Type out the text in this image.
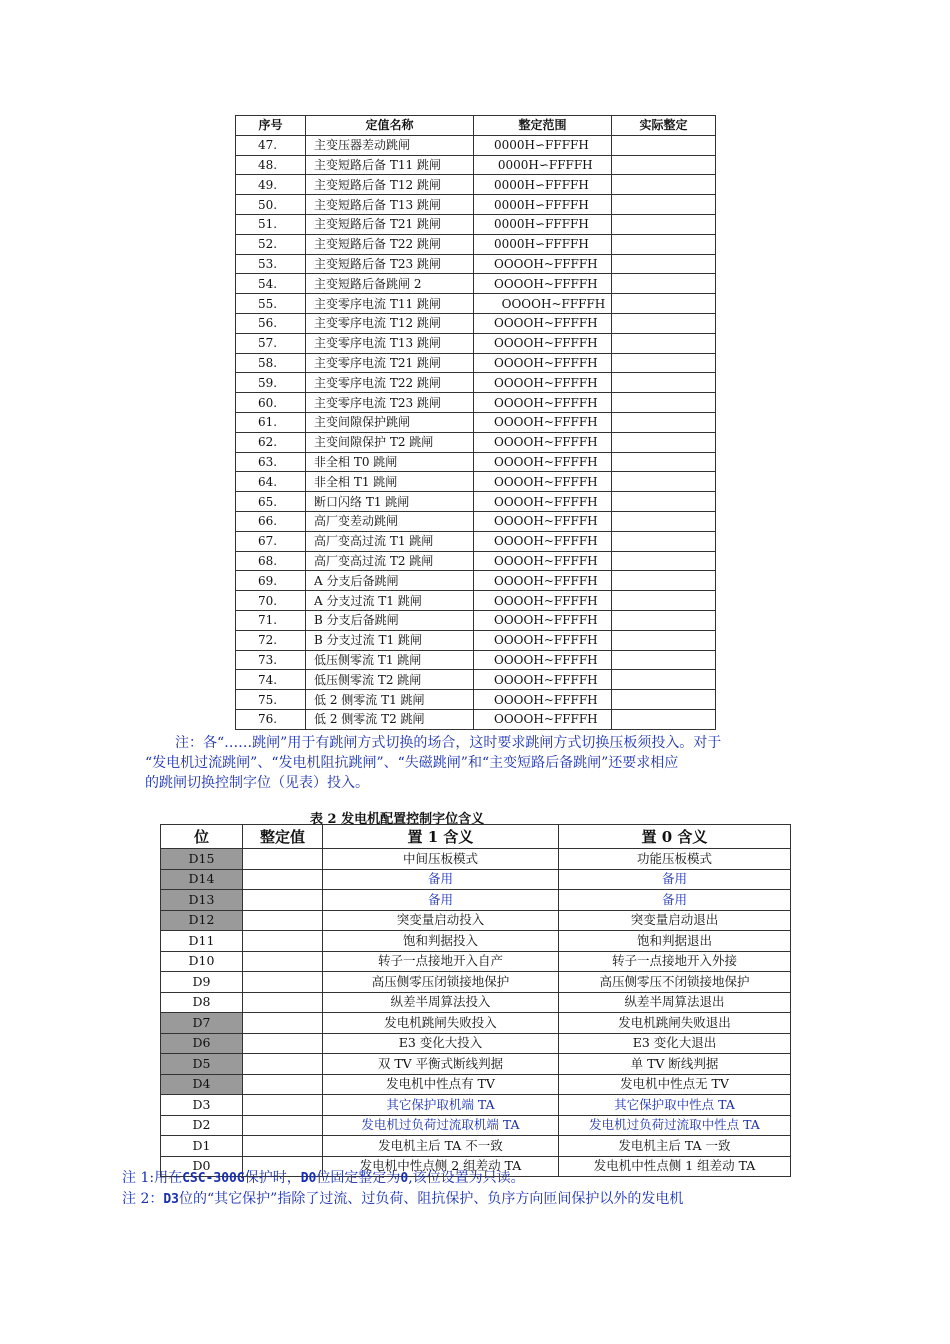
序号	定值名称	整定范围	实际整定
47.	主变压器差动跳闸	0000H∽FFFFH	
48.	主变短路后备 T11 跳闸	0000H∽FFFFH	
49.	主变短路后备 T12 跳闸	0000H∽FFFFH	
50.	主变短路后备 T13 跳闸	0000H∽FFFFH	
51.	主变短路后备 T21 跳闸	0000H∽FFFFH	
52.	主变短路后备 T22 跳闸	0000H∽FFFFH	
53.	主变短路后备 T23 跳闸	OOOOH~FFFFH	
54.	主变短路后备跳闸 2	OOOOH~FFFFH	
55.	主变零序电流 T11 跳闸	OOOOH~FFFFH	
56.	主变零序电流 T12 跳闸	OOOOH~FFFFH	
57.	主变零序电流 T13 跳闸	OOOOH~FFFFH	
58.	主变零序电流 T21 跳闸	OOOOH~FFFFH	
59.	主变零序电流 T22 跳闸	OOOOH~FFFFH	
60.	主变零序电流 T23 跳闸	OOOOH~FFFFH	
61.	主变间隙保护跳闸	OOOOH~FFFFH	
62.	主变间隙保护 T2 跳闸	OOOOH~FFFFH	
63.	非全相 T0 跳闸	OOOOH~FFFFH	
64.	非全相 T1 跳闸	OOOOH~FFFFH	
65.	断口闪络 T1 跳闸	OOOOH~FFFFH	
66.	高厂变差动跳闸	OOOOH~FFFFH	
67.	高厂变高过流 T1 跳闸	OOOOH~FFFFH	
68.	高厂变高过流 T2 跳闸	OOOOH~FFFFH	
69.	A 分支后备跳闸	OOOOH~FFFFH	
70.	A 分支过流 T1 跳闸	OOOOH~FFFFH	
71.	B 分支后备跳闸	OOOOH~FFFFH	
72.	B 分支过流 T1 跳闸	OOOOH~FFFFH	
73.	低压侧零流 T1 跳闸	OOOOH~FFFFH	
74.	低压侧零流 T2 跳闸	OOOOH~FFFFH	
75.	低 2 侧零流 T1 跳闸	OOOOH~FFFFH	
76.	低 2 侧零流 T2 跳闸	OOOOH~FFFFH	

注：各“……跳闸”用于有跳闸方式切换的场合，这时要求跳闸方式切换压板须投入。对于

“发电机过流跳闸”、“发电机阻抗跳闸”、“失磁跳闸”和“主变短路后备跳闸”还要求相应

的跳闸切换控制字位（见表）投入。

表 2 发电机配置控制字位含义
位	整定值	置 1 含义	置 0 含义
D15		中间压板模式	功能压板模式
D14		备用	备用
D13		备用	备用
D12		突变量启动投入	突变量启动退出
D11		饱和判据投入	饱和判据退出
D10		转子一点接地开入自产	转子一点接地开入外接
D9		高压侧零压闭锁接地保护	高压侧零压不闭锁接地保护
D8		纵差半周算法投入	纵差半周算法退出
D7		发电机跳闸失败投入	发电机跳闸失败退出
D6		E3 变化大投入	E3 变化大退出
D5		双 TV 平衡式断线判据	单 TV 断线判据
D4		发电机中性点有 TV	发电机中性点无 TV
D3		其它保护取机端 TA	其它保护取中性点 TA
D2		发电机过负荷过流取机端 TA	发电机过负荷过流取中性点 TA
D1		发电机主后 TA 不一致	发电机主后 TA 一致
D0		发电机中性点侧 2 组差动 TA	发电机中性点侧 1 组差动 TA

注 1:用在CSC-300G保护时，D0位固定整定为0,该位设置为只读。

注 2：D3位的“其它保护”指除了过流、过负荷、阻抗保护、负序方向匝间保护以外的发电机
